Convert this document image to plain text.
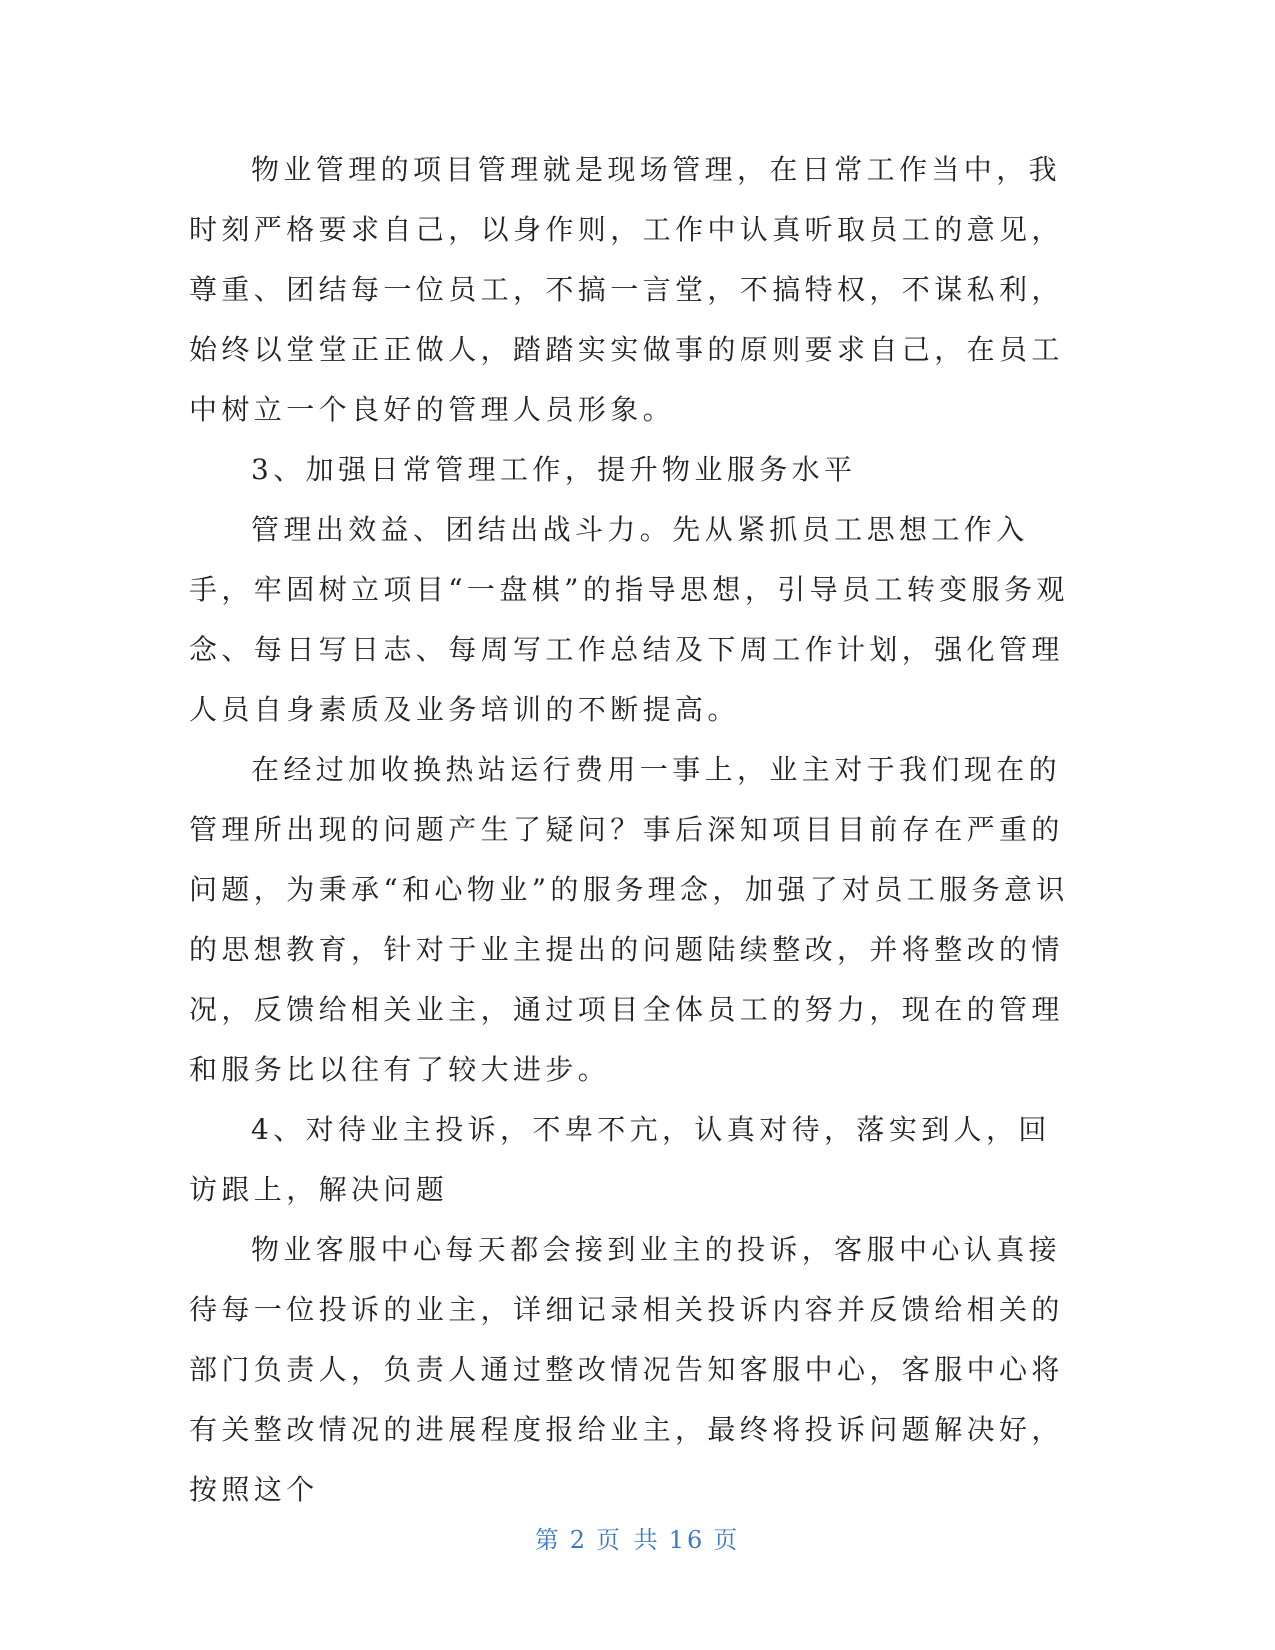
物业管理的项目管理就是现场管理，在日常工作当中，我时刻严格要求自己，以身作则，工作中认真听取员工的意见，尊重、团结每一位员工，不搞一言堂，不搞特权，不谋私利，始终以堂堂正正做人，踏踏实实做事的原则要求自己，在员工中树立一个良好的管理人员形象。

3、加强日常管理工作，提升物业服务水平

管理出效益、团结出战斗力。先从紧抓员工思想工作入手，牢固树立项目“一盘棋”的指导思想，引导员工转变服务观念、每日写日志、每周写工作总结及下周工作计划，强化管理人员自身素质及业务培训的不断提高。

在经过加收换热站运行费用一事上，业主对于我们现在的管理所出现的问题产生了疑问？事后深知项目目前存在严重的问题，为秉承“和心物业”的服务理念，加强了对员工服务意识的思想教育，针对于业主提出的问题陆续整改，并将整改的情况，反馈给相关业主，通过项目全体员工的努力，现在的管理和服务比以往有了较大进步。

4、对待业主投诉，不卑不亢，认真对待，落实到人，回访跟上，解决问题

物业客服中心每天都会接到业主的投诉，客服中心认真接待每一位投诉的业主，详细记录相关投诉内容并反馈给相关的部门负责人，负责人通过整改情况告知客服中心，客服中心将有关整改情况的进展程度报给业主，最终将投诉问题解决好，按照这个

第 2 页 共 16 页
